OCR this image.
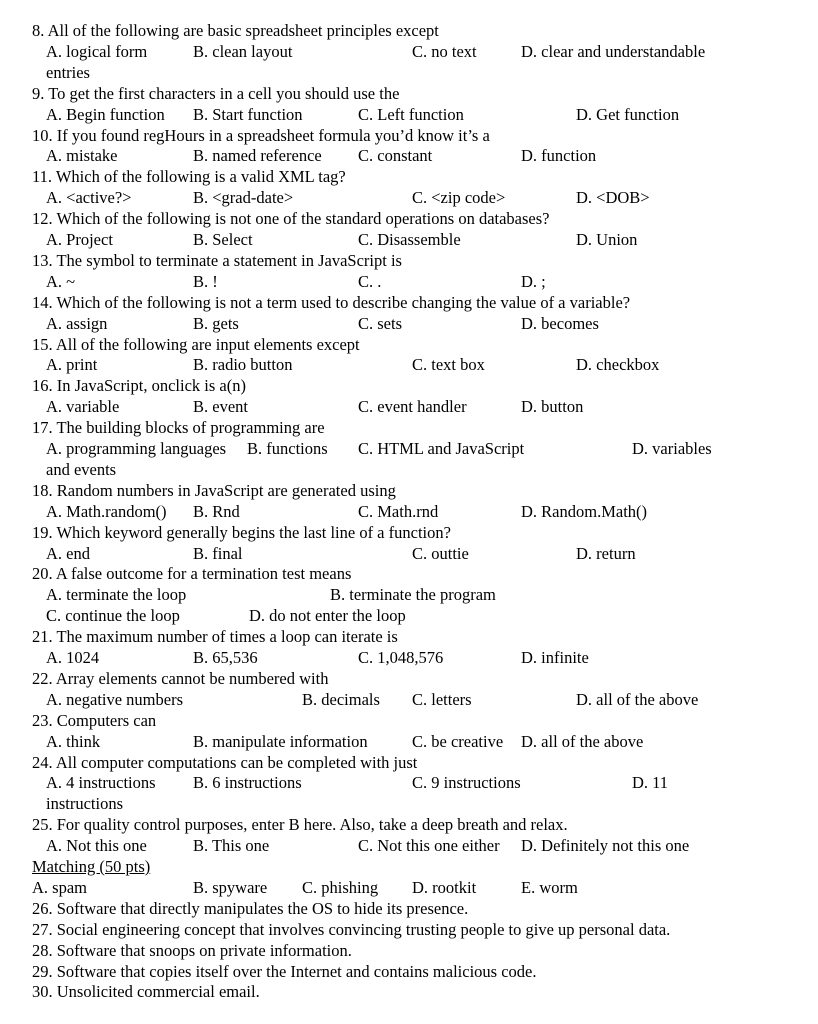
8. All of the following are basic spreadsheet principles except
A. logical form	B. clean layout	C. no text	D. clear and understandable
entries
9. To get the first characters in a cell you should use the
A. Begin function B. Start function	C. Left function	D. Get function
10. If you found regHours in a spreadsheet formula you’d know it’s a
A. mistake	B. named reference C. constant	D. function
11. Which of the following is a valid XML tag?
A. <active?>	B. <grad-date>	C. <zip code>	D. <DOB>
12. Which of the following is not one of the standard operations on databases?
A. Project	B. Select	C. Disassemble	D. Union
13. The symbol to terminate a statement in JavaScript is
A. ~	B. !	C. .	D. ;
14. Which of the following is not a term used to describe changing the value of a variable?
A. assign	B. gets	C. sets	D. becomes
15. All of the following are input elements except
A. print	B. radio button	C. text box	D. checkbox
16. In JavaScript, onclick is a(n)
A. variable	B. event	C. event handler	D. button
17. The building blocks of programming are
A. programming languages B. functions C. HTML and JavaScript	D. variables
and events
18. Random numbers in JavaScript are generated using
A. Math.random() B. Rnd	C. Math.rnd	D. Random.Math()
19. Which keyword generally begins the last line of a function?
A. end	B. final	C. outtie	D. return
20. A false outcome for a termination test means
A. terminate the loop	B. terminate the program
C. continue the loop	D. do not enter the loop
21. The maximum number of times a loop can iterate is
A. 1024	B. 65,536	C. 1,048,576	D. infinite
22. Array elements cannot be numbered with
A. negative numbers	B. decimals C. letters	D. all of the above
23. Computers can
A. think	B. manipulate information	C. be creative D. all of the above
24. All computer computations can be completed with just
A. 4 instructions B. 6 instructions	C. 9 instructions	D. 11
instructions
25. For quality control purposes, enter B here. Also, take a deep breath and relax.
A. Not this one	B. This one	C. Not this one either D. Definitely not this one
Matching (50 pts)
A. spam	B. spyware C. phishing D. rootkit	E. worm
26. Software that directly manipulates the OS to hide its presence.
27. Social engineering concept that involves convincing trusting people to give up personal data.
28. Software that snoops on private information.
29. Software that copies itself over the Internet and contains malicious code.
30. Unsolicited commercial email.
